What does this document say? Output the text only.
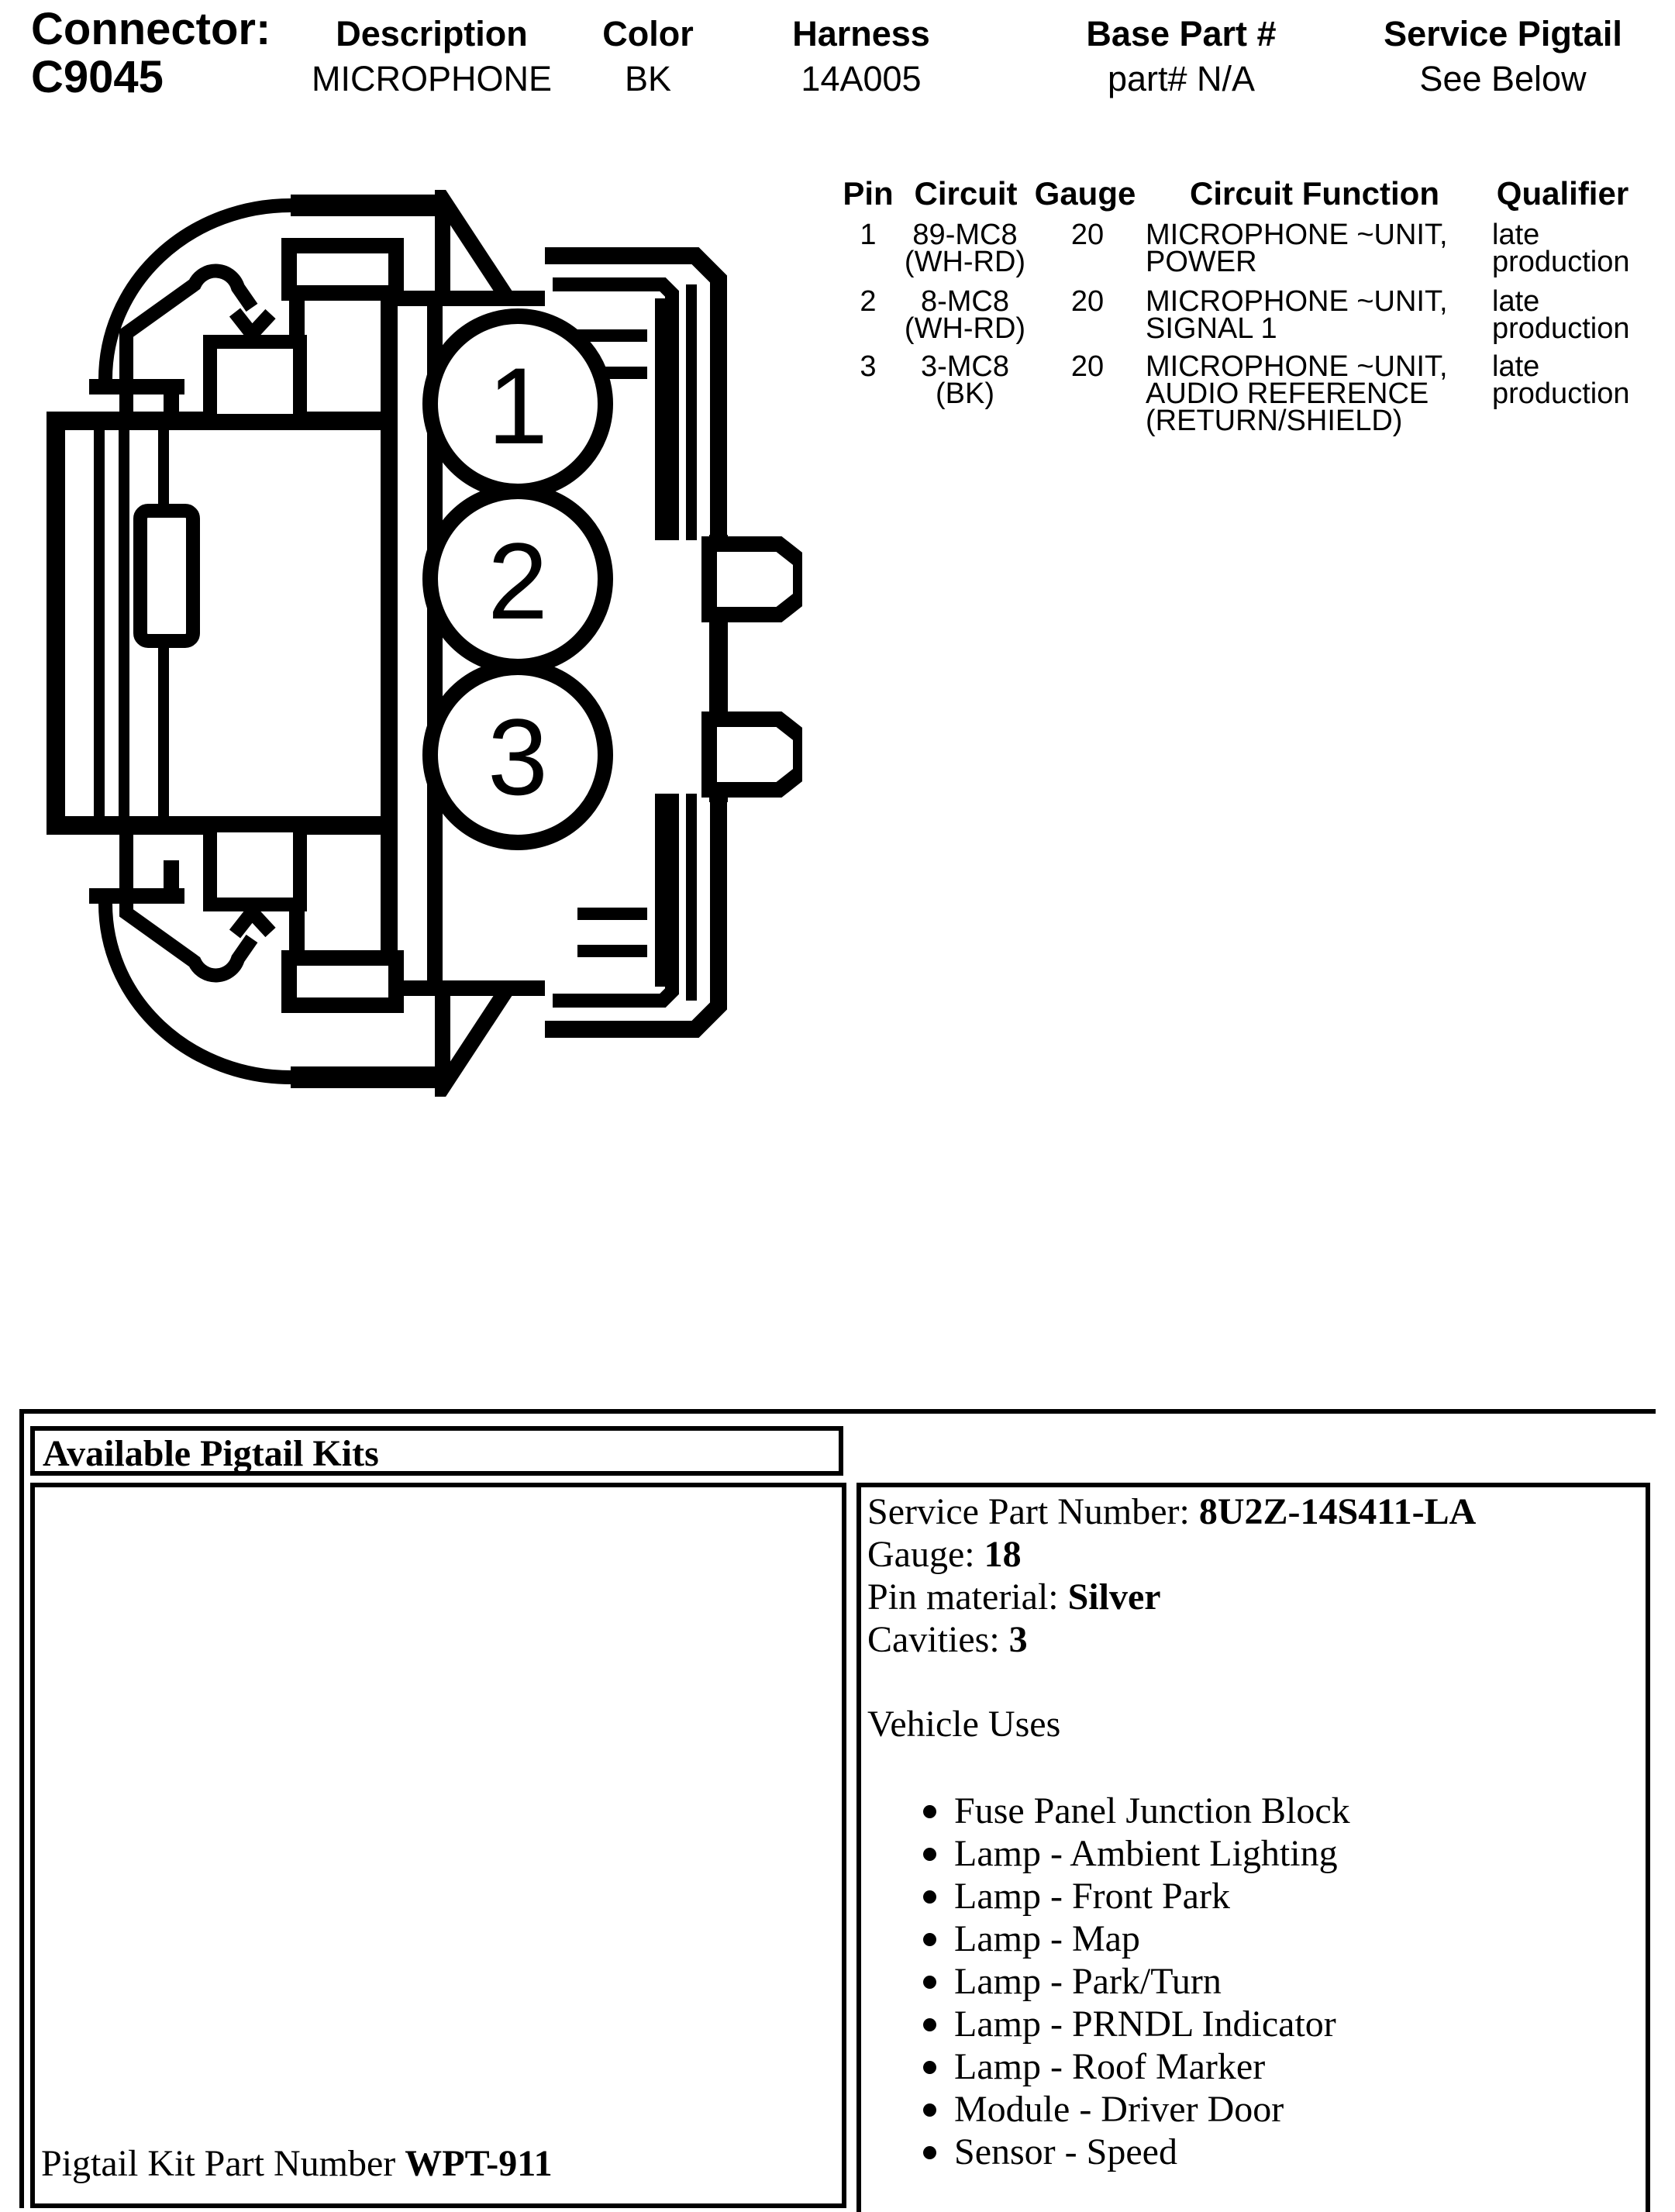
Connector:
C9045
Description
MICROPHONE
Color
BK
Harness
14A005
Base Part #
part# N/A
Service Pigtail
See Below
Pin Circuit Gauge Circuit Function Qualifier
1 89-MC8
(WH-RD)
20 MICROPHONE ~UNIT,
POWER
late
production
2	8-MC8
(WH-RD)
20 MICROPHONE ~UNIT,
SIGNAL 1
late
production
3 3-MC8
(BK)
20 MICROPHONE ~UNIT,
AUDIO REFERENCE
(RETURN/SHIELD)
late
production
1
2
3
Available Pigtail Kits
Pigtail Kit Part Number WPT-911
Service Part Number: 8U2Z-14S411-LA
Gauge: 18
Pin material: Silver
Cavities: 3
Vehicle Uses
Fuse Panel Junction Block
Lamp - Ambient Lighting
Lamp - Front Park
Lamp - Map
Lamp - Park/Turn
Lamp - PRNDL Indicator
Lamp - Roof Marker
Module - Driver Door
Sensor - Speed
